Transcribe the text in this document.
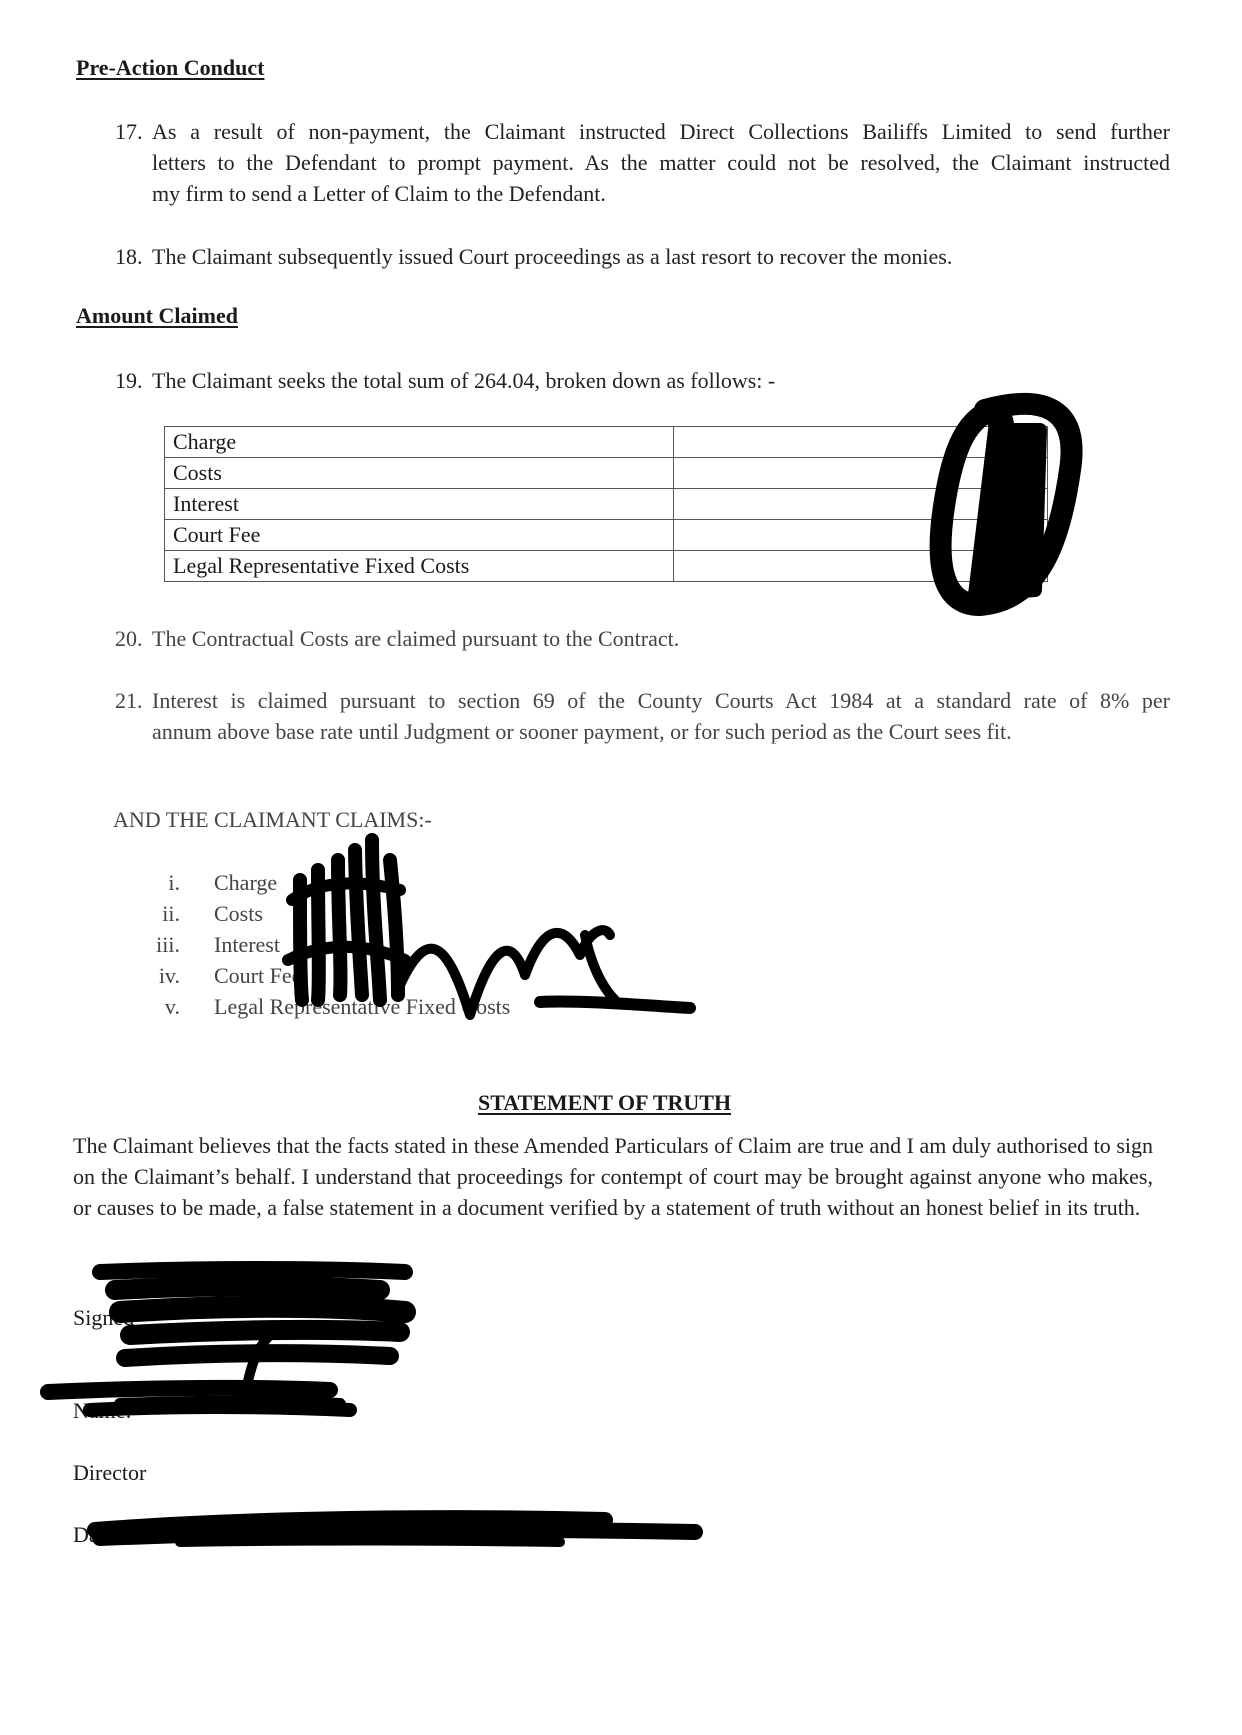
Pre-Action Conduct
17. As a result of non-payment, the Claimant instructed Direct Collections Bailiffs Limited to send further
letters to the Defendant to prompt payment. As the matter could not be resolved, the Claimant instructed
my firm to send a Letter of Claim to the Defendant.
18. The Claimant subsequently issued Court proceedings as a last resort to recover the monies.
Amount Claimed
19. The Claimant seeks the total sum of 264.04, broken down as follows: -
Charge	
Costs	
Interest	
Court Fee	
Legal Representative Fixed Costs	
20. The Contractual Costs are claimed pursuant to the Contract.
21. Interest is claimed pursuant to section 69 of the County Courts Act 1984 at a standard rate of 8% per
annum above base rate until Judgment or sooner payment, or for such period as the Court sees fit.
AND THE CLAIMANT CLAIMS:-
i. Charge
ii. Costs
iii. Interest
iv. Court Fee
v. Legal Representative Fixed Costs
STATEMENT OF TRUTH
The Claimant believes that the facts stated in these Amended Particulars of Claim are true and I am duly authorised to sign on the Claimant’s behalf. I understand that proceedings for contempt of court may be brought against anyone who makes, or causes to be made, a false statement in a document verified by a statement of truth without an honest belief in its truth.
Signed
Name:
Director
Date:
